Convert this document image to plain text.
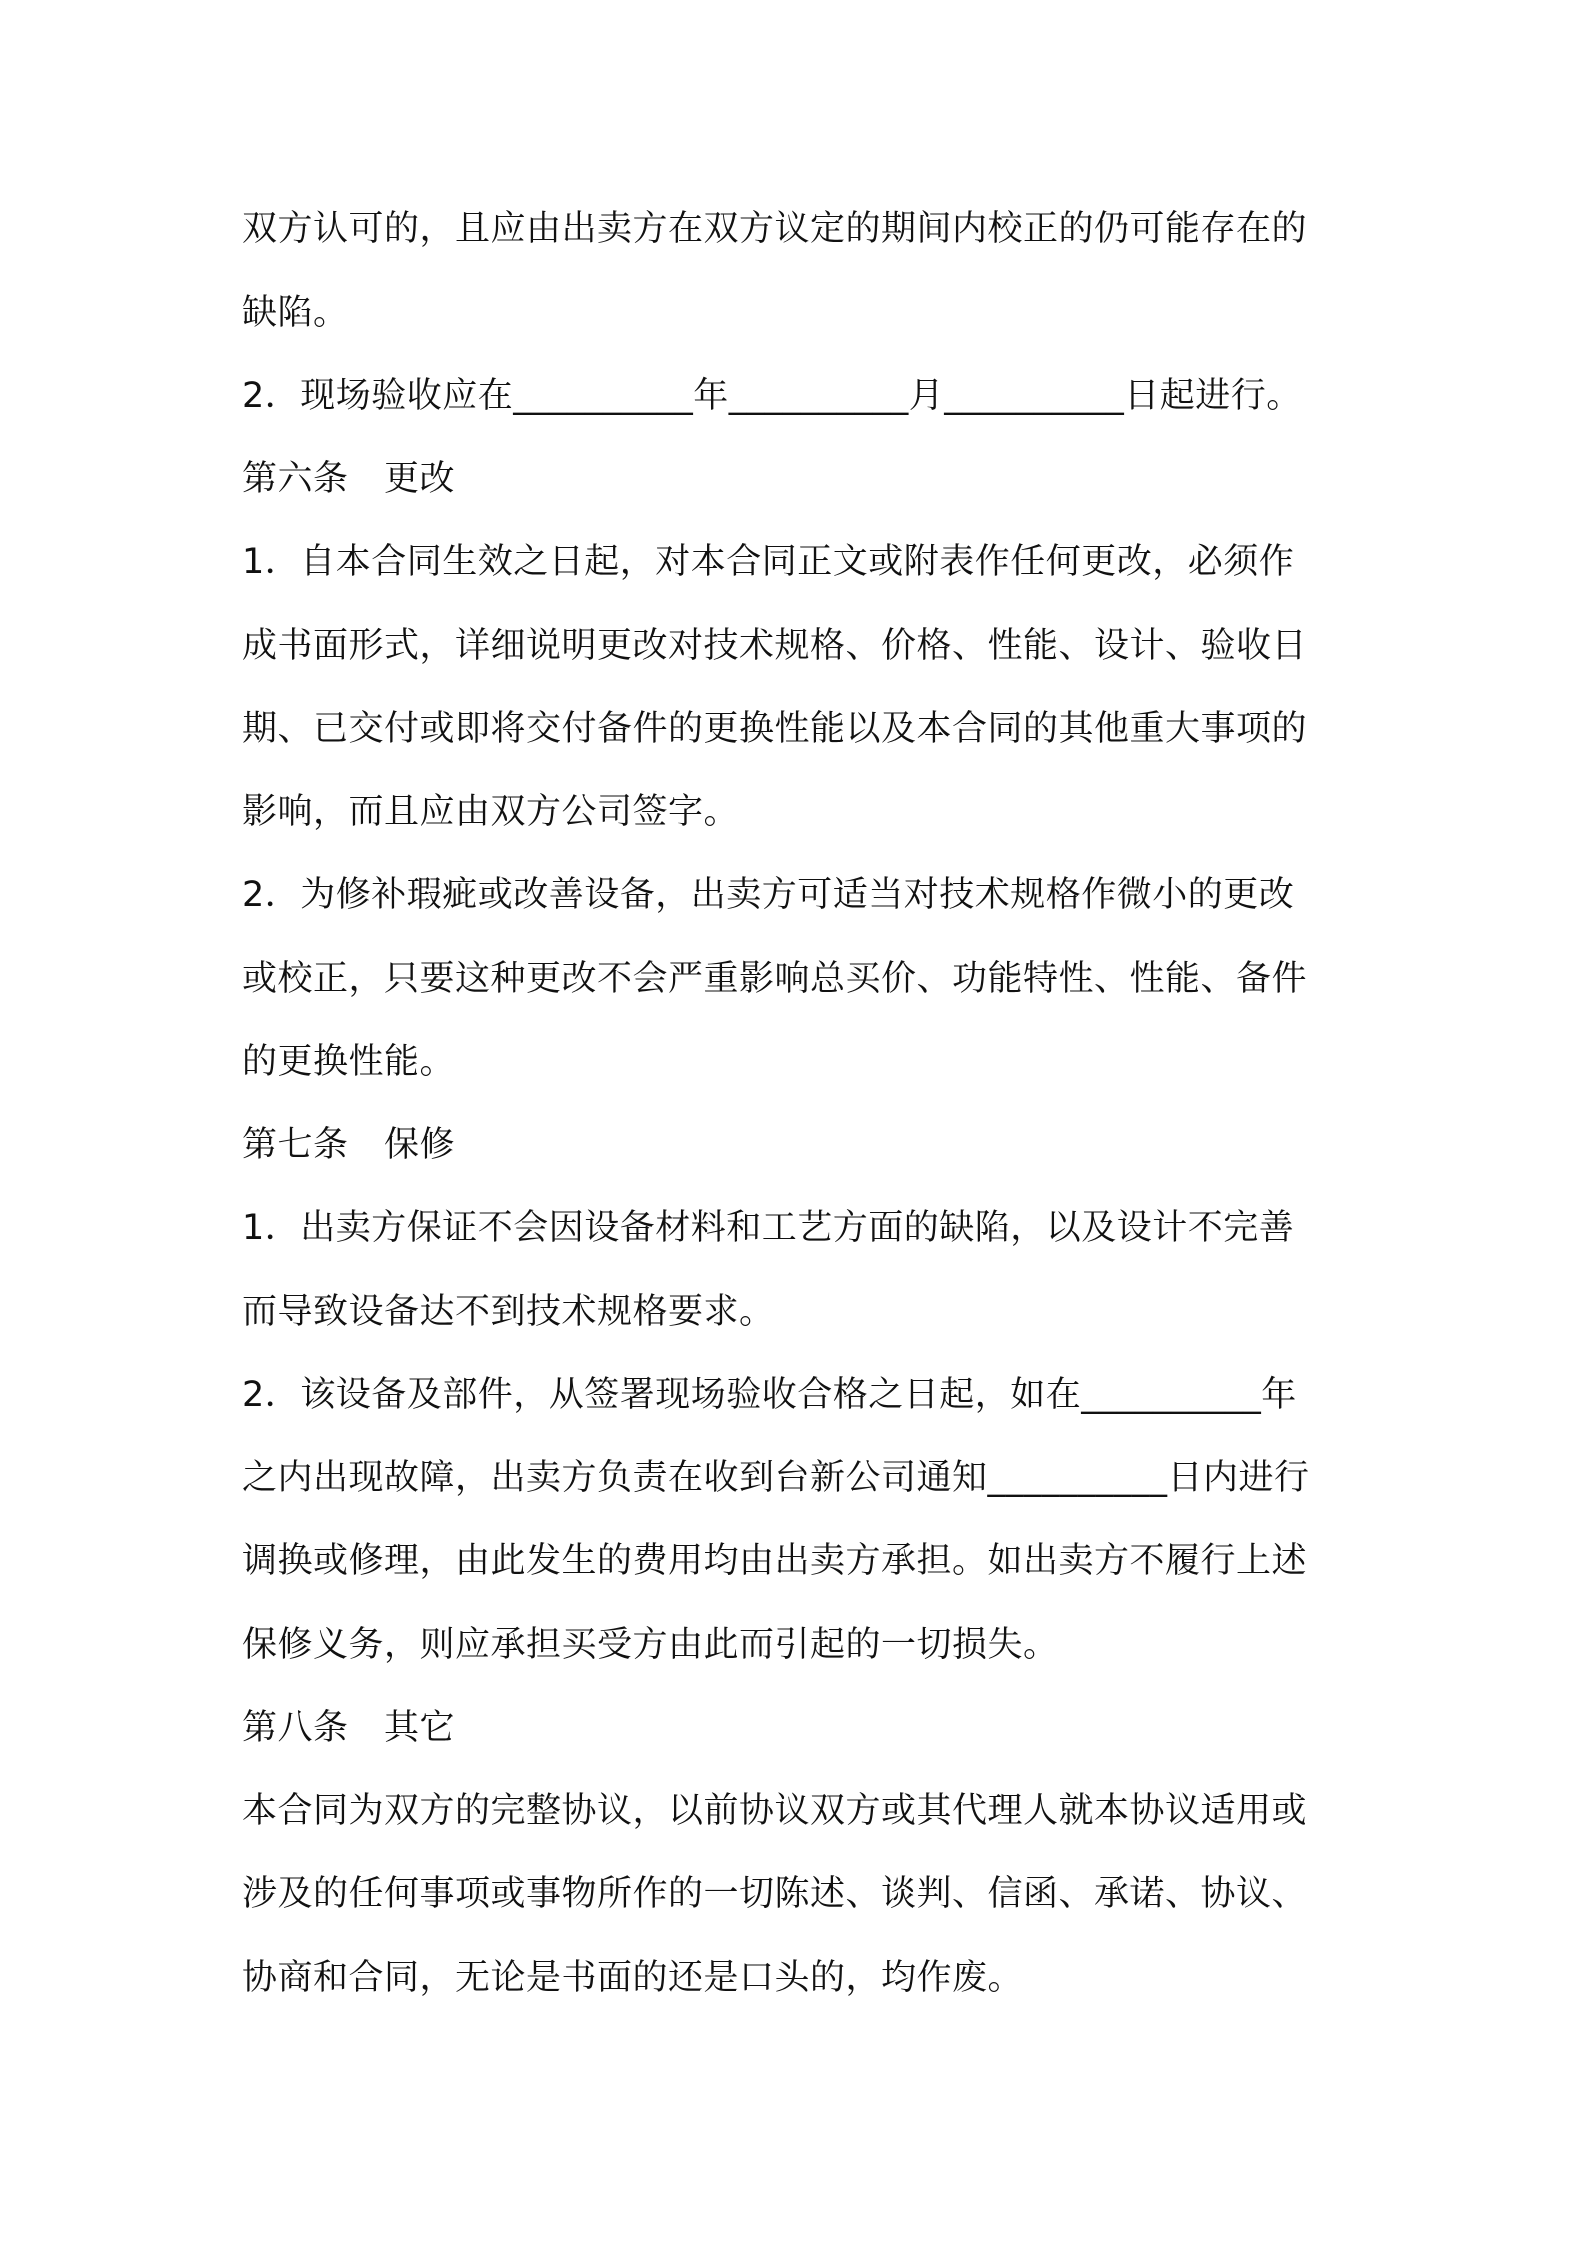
双方认可的，且应由出卖方在双方议定的期间内校正的仍可能存在的
缺陷。
2．现场验收应在__________年__________月__________日起进行。
第六条　更改
1．自本合同生效之日起，对本合同正文或附表作任何更改，必须作
成书面形式，详细说明更改对技术规格、价格、性能、设计、验收日
期、已交付或即将交付备件的更换性能以及本合同的其他重大事项的
影响，而且应由双方公司签字。
2．为修补瑕疵或改善设备，出卖方可适当对技术规格作微小的更改
或校正，只要这种更改不会严重影响总买价、功能特性、性能、备件
的更换性能。
第七条　保修
1．出卖方保证不会因设备材料和工艺方面的缺陷，以及设计不完善
而导致设备达不到技术规格要求。
2．该设备及部件，从签署现场验收合格之日起，如在__________年
之内出现故障，出卖方负责在收到台新公司通知__________日内进行
调换或修理，由此发生的费用均由出卖方承担。如出卖方不履行上述
保修义务，则应承担买受方由此而引起的一切损失。
第八条　其它
本合同为双方的完整协议，以前协议双方或其代理人就本协议适用或
涉及的任何事项或事物所作的一切陈述、谈判、信函、承诺、协议、
协商和合同，无论是书面的还是口头的，均作废。
